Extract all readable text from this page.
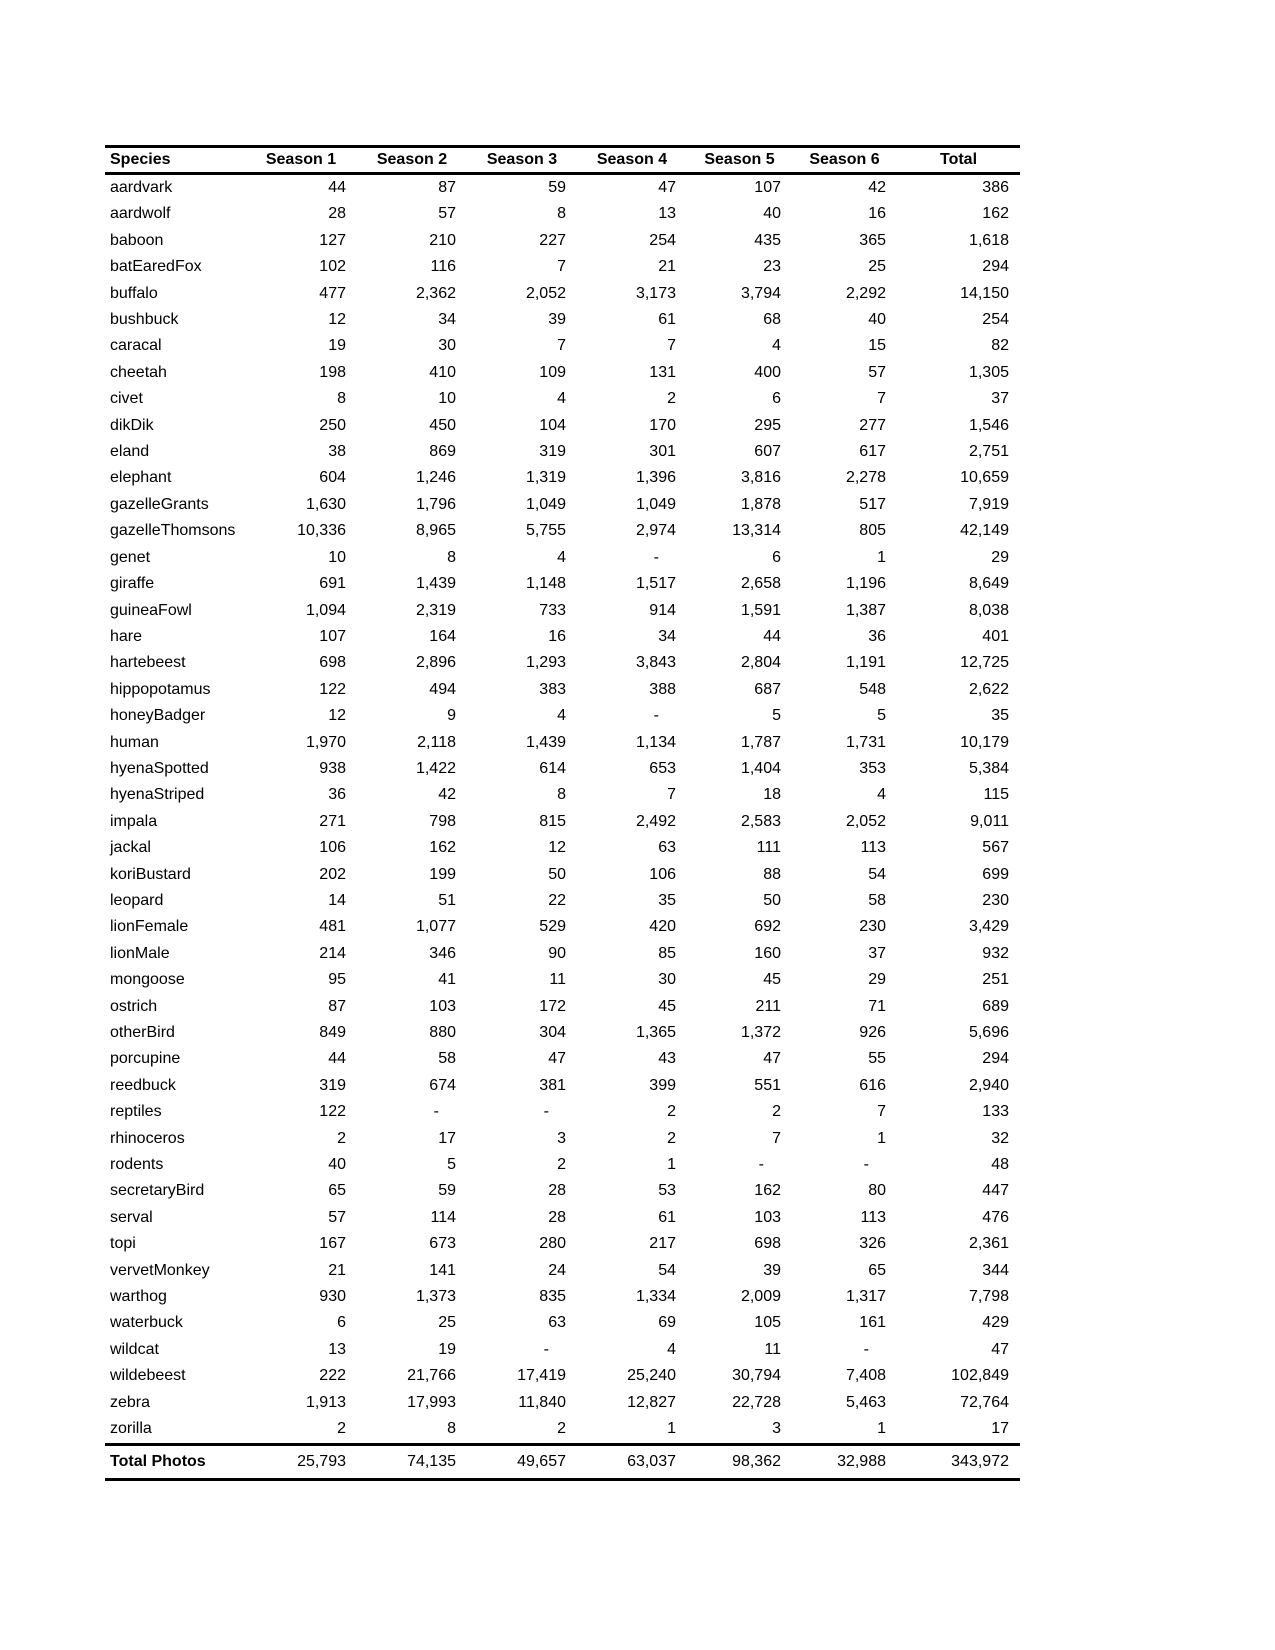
Species	Season 1	Season 2	Season 3	Season 4	Season 5	Season 6	Total
aardvark	44	87	59	47	107	42	386
aardwolf	28	57	8	13	40	16	162
baboon	127	210	227	254	435	365	1,618
batEaredFox	102	116	7	21	23	25	294
buffalo	477	2,362	2,052	3,173	3,794	2,292	14,150
bushbuck	12	34	39	61	68	40	254
caracal	19	30	7	7	4	15	82
cheetah	198	410	109	131	400	57	1,305
civet	8	10	4	2	6	7	37
dikDik	250	450	104	170	295	277	1,546
eland	38	869	319	301	607	617	2,751
elephant	604	1,246	1,319	1,396	3,816	2,278	10,659
gazelleGrants	1,630	1,796	1,049	1,049	1,878	517	7,919
gazelleThomsons	10,336	8,965	5,755	2,974	13,314	805	42,149
genet	10	8	4	-	6	1	29
giraffe	691	1,439	1,148	1,517	2,658	1,196	8,649
guineaFowl	1,094	2,319	733	914	1,591	1,387	8,038
hare	107	164	16	34	44	36	401
hartebeest	698	2,896	1,293	3,843	2,804	1,191	12,725
hippopotamus	122	494	383	388	687	548	2,622
honeyBadger	12	9	4	-	5	5	35
human	1,970	2,118	1,439	1,134	1,787	1,731	10,179
hyenaSpotted	938	1,422	614	653	1,404	353	5,384
hyenaStriped	36	42	8	7	18	4	115
impala	271	798	815	2,492	2,583	2,052	9,011
jackal	106	162	12	63	111	113	567
koriBustard	202	199	50	106	88	54	699
leopard	14	51	22	35	50	58	230
lionFemale	481	1,077	529	420	692	230	3,429
lionMale	214	346	90	85	160	37	932
mongoose	95	41	11	30	45	29	251
ostrich	87	103	172	45	211	71	689
otherBird	849	880	304	1,365	1,372	926	5,696
porcupine	44	58	47	43	47	55	294
reedbuck	319	674	381	399	551	616	2,940
reptiles	122	-	-	2	2	7	133
rhinoceros	2	17	3	2	7	1	32
rodents	40	5	2	1	-	-	48
secretaryBird	65	59	28	53	162	80	447
serval	57	114	28	61	103	113	476
topi	167	673	280	217	698	326	2,361
vervetMonkey	21	141	24	54	39	65	344
warthog	930	1,373	835	1,334	2,009	1,317	7,798
waterbuck	6	25	63	69	105	161	429
wildcat	13	19	-	4	11	-	47
wildebeest	222	21,766	17,419	25,240	30,794	7,408	102,849
zebra	1,913	17,993	11,840	12,827	22,728	5,463	72,764
zorilla	2	8	2	1	3	1	17
Total Photos	25,793	74,135	49,657	63,037	98,362	32,988	343,972
